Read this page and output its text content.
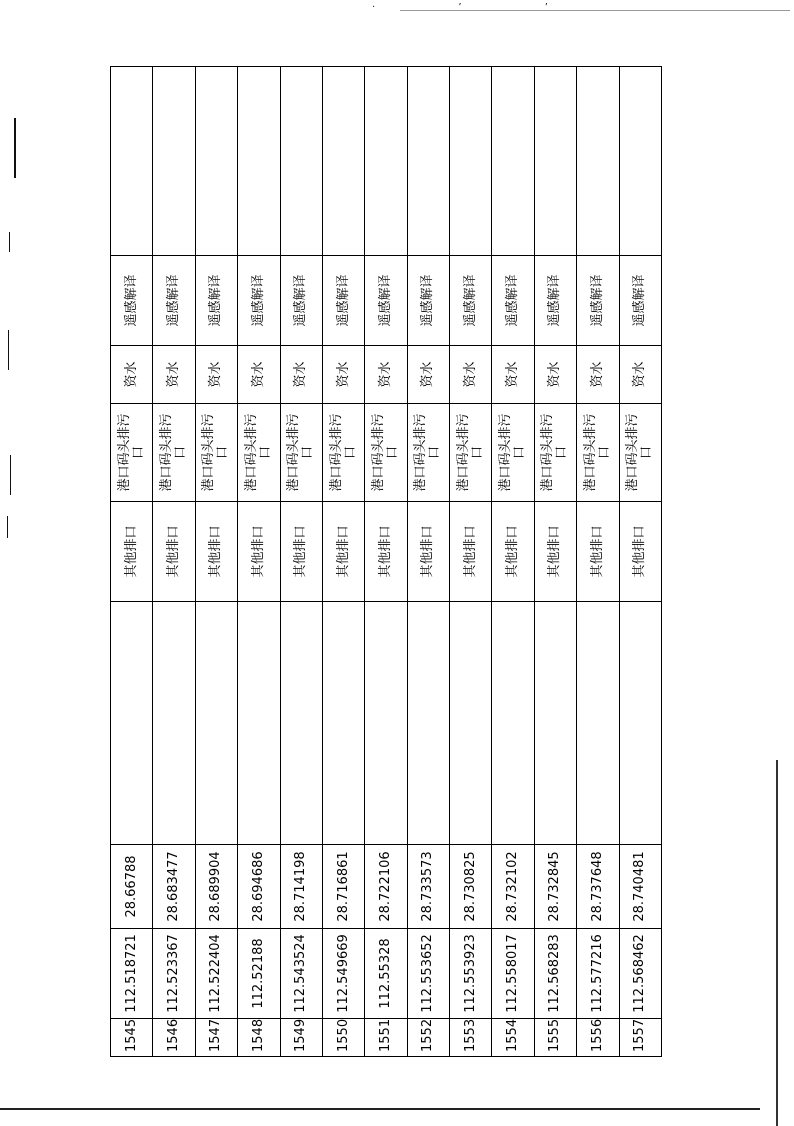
· ’ ’
1545	112.518721	28.66788		其他排口	港口码头排污口	资水	遥感解译	
1546	112.523367	28.683477		其他排口	港口码头排污口	资水	遥感解译	
1547	112.522404	28.689904		其他排口	港口码头排污口	资水	遥感解译	
1548	112.52188	28.694686		其他排口	港口码头排污口	资水	遥感解译	
1549	112.543524	28.714198		其他排口	港口码头排污口	资水	遥感解译	
1550	112.549669	28.716861		其他排口	港口码头排污口	资水	遥感解译	
1551	112.55328	28.722106		其他排口	港口码头排污口	资水	遥感解译	
1552	112.553652	28.733573		其他排口	港口码头排污口	资水	遥感解译	
1553	112.553923	28.730825		其他排口	港口码头排污口	资水	遥感解译	
1554	112.558017	28.732102		其他排口	港口码头排污口	资水	遥感解译	
1555	112.568283	28.732845		其他排口	港口码头排污口	资水	遥感解译	
1556	112.577216	28.737648		其他排口	港口码头排污口	资水	遥感解译	
1557	112.568462	28.740481		其他排口	港口码头排污口	资水	遥感解译	
